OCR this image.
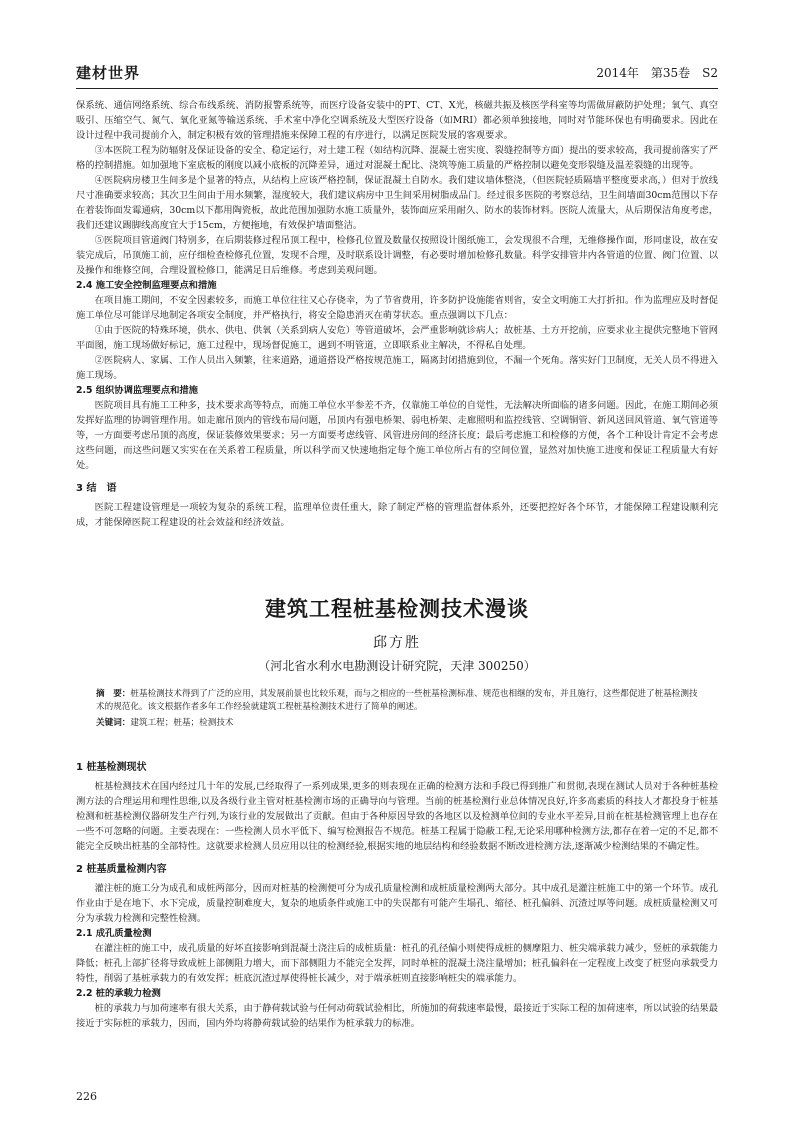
建材世界	2014年　第35卷　S2

保系统、通信网络系统、综合布线系统、消防报警系统等，而医疗设备安装中的PT、CT、X光，核磁共振及核医学科室等均需做屏蔽防护处理；氧气、真空吸引、压缩空气、氮气、氧化亚氮等输送系统、手术室中净化空调系统及大型医疗设备（如MRI）都必须单独接地，同时对节能环保也有明确要求。因此在设计过程中我司提前介入，制定积极有效的管理措施来保障工程的有序进行，以满足医院发展的客观要求。

③本医院工程为防辐射及保证设备的安全、稳定运行，对土建工程（如结构沉降、混凝土密实度、裂缝控制等方面）提出的要求较高，我司提前落实了严格的控制措施。如加强地下室底板的刚度以减小底板的沉降差异，通过对混凝土配比、浇筑等施工质量的严格控制以避免变形裂缝及温差裂缝的出现等。

④医院病房楼卫生间多是个显著的特点，从结构上应该严格控制，保证混凝土自防水。我们建议墙体整浇，（但医院轻质隔墙平整度要求高，）但对于放线尺寸准确要求较高；其次卫生间由于用水频繁，湿度较大，我们建议病房中卫生间采用树脂成品门。经过很多医院的考察总结，卫生间墙面30cm范围以下存在着装饰面发霉通病，30cm以下都用陶瓷板，故此范围加强防水施工质量外，装饰面应采用耐久、防水的装饰材料。医院人流量大，从后期保洁角度考虑，我们还建议踢脚线高度宜大于15cm，方便拖地，有效保护墙面整洁。

⑤医院项目管道阀门特别多，在后期装修过程吊顶工程中，检修孔位置及数量仅按照设计图纸施工，会发现很不合理，无维修操作面，形同虚设，故在安装完成后，吊顶施工前，应仔细检查检修孔位置，发现不合理，及时联系设计调整，有必要时增加检修孔数量。科学安排管井内各管道的位置、阀门位置、以及操作和维修空间，合理设置检修口，能满足日后维修。考虑到美观问题。

2.4 施工安全控制监理要点和措施

在项目施工期间，不安全因素较多，而施工单位往往又心存侥幸，为了节省费用，许多防护设施能省则省，安全文明施工大打折扣。作为监理应及时督促施工单位尽可能详尽地制定各项安全制度，并严格执行，将安全隐患消灭在萌芽状态。重点强调以下几点：

①由于医院的特殊环境，供水、供电、供氧（关系到病人安危）等管道破坏，会严重影响就诊病人；故桩基、土方开挖前，应要求业主提供完整地下管网平面图，施工现场做好标记，施工过程中，现场督促施工，遇到不明管道，立即联系业主解决，不得私自处理。

②医院病人、家属、工作人员出入频繁，往来道路，通道搭设严格按规范施工，隔离封闭措施到位，不漏一个死角。落实好门卫制度，无关人员不得进入施工现场。

2.5 组织协调监理要点和措施

医院项目具有施工工种多，技术要求高等特点，而施工单位水平参差不齐，仅靠施工单位的自觉性，无法解决所面临的诸多问题。因此，在施工期间必须发挥好监理的协调管理作用。如走廊吊顶内的管线布局问题，吊顶内有强电桥架、弱电桥架、走廊照明和监控线管、空调铜管、新风送回风管道、氧气管道等等，一方面要考虑吊顶的高度，保证装修效果要求；另一方面要考虑线管、风管进房间的经济长度；最后考虑施工和检修的方便，各个工种设计肯定不会考虑这些问题，而这些问题又实实在在关系着工程质量，所以科学而又快速地指定每个施工单位所占有的空间位置，显然对加快施工进度和保证工程质量大有好处。

3 结　语

医院工程建设管理是一项较为复杂的系统工程，监理单位责任重大，除了制定严格的管理监督体系外，还要把控好各个环节，才能保障工程建设顺利完成，才能保障医院工程建设的社会效益和经济效益。

建筑工程桩基检测技术漫谈
邱方胜
（河北省水利水电勘测设计研究院，天津 300250）
摘　要：桩基检测技术得到了广泛的应用，其发展前景也比较乐观，而与之相应的一些桩基检测标准、规范也相继的发布，并且施行，这些都促进了桩基检测技术的规范化。该文根据作者多年工作经验就建筑工程桩基检测技术进行了简单的阐述。
关键词：建筑工程；桩基；检测技术
1 桩基检测现状

桩基检测技术在国内经过几十年的发展,已经取得了一系列成果,更多的则表现在正确的检测方法和手段已得到推广和贯彻,表现在测试人员对于各种桩基检测方法的合理运用和理性思维,以及各级行业主管对桩基检测市场的正确导向与管理。当前的桩基检测行业总体情况良好,许多高素质的科技人才都投身于桩基检测和桩基检测仪器研发生产行列,为该行业的发展做出了贡献。但由于各种原因导致的各地区以及检测单位间的专业水平差异,目前在桩基检测管理上也存在一些不可忽略的问题。主要表现在：一些检测人员水平低下、编写检测报告不规范。桩基工程属于隐蔽工程,无论采用哪种检测方法,都存在着一定的不足,都不能完全反映出桩基的全部特性。这就要求检测人员应用以往的检测经验,根据实地的地层结构和经验数据不断改进检测方法,逐渐减少检测结果的不确定性。

2 桩基质量检测内容

灌注桩的施工分为成孔和成桩两部分，因而对桩基的检测便可分为成孔质量检测和成桩质量检测两大部分。其中成孔是灌注桩施工中的第一个环节。成孔作业由于是在地下、水下完成，质量控制难度大，复杂的地质条件或施工中的失误都有可能产生塌孔、缩径、桩孔偏斜、沉渣过厚等问题。成桩质量检测又可分为承载力检测和完整性检测。

2.1 成孔质量检测

在灌注桩的施工中，成孔质量的好坏直接影响到混凝土浇注后的成桩质量：桩孔的孔径偏小则使得成桩的侧摩阻力、桩尖端承载力减少，竖桩的承载能力降低；桩孔上部扩径将导致成桩上部侧阻力增大，而下部侧阻力不能完全发挥，同时单桩的混凝土浇注量增加；桩孔偏斜在一定程度上改变了桩竖向承载受力特性，削弱了基桩承载力的有效发挥；桩底沉渣过厚使得桩长减少，对于端承桩则直接影响桩尖的端承能力。

2.2 桩的承载力检测

桩的承载力与加荷速率有很大关系，由于静荷载试验与任何动荷载试验相比，所施加的荷载速率最慢，最接近于实际工程的加荷速率，所以试验的结果最接近于实际桩的承载力，因而，国内外均将静荷载试验的结果作为桩承载力的标准。

226
